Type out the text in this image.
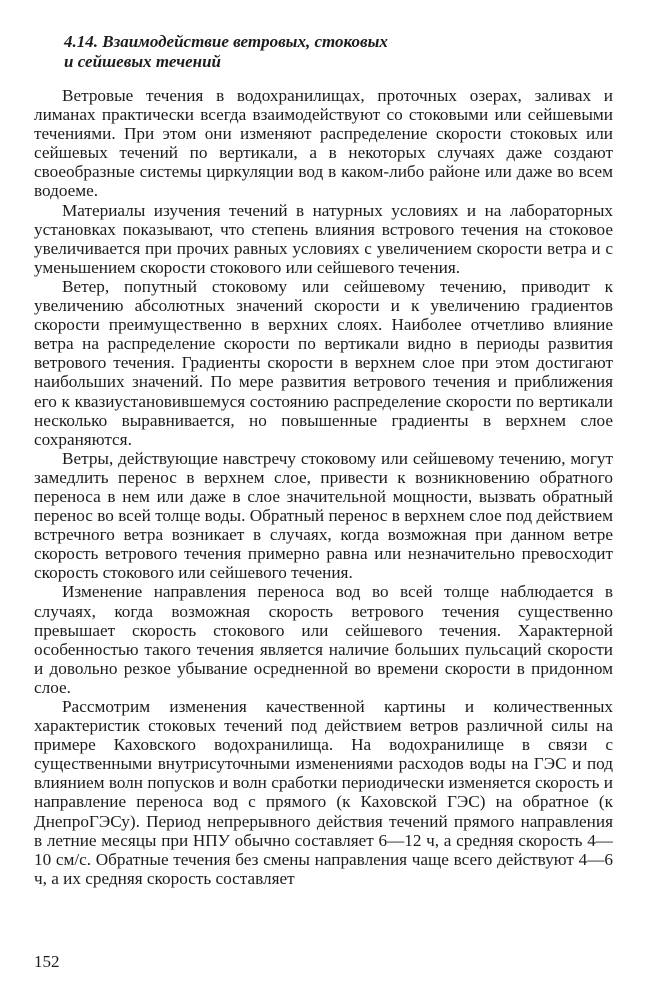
4.14. Взаимодействие ветровых, стоковых
и сейшевых течений

Ветровые течения в водохранилищах, проточных озерах, заливах и лиманах практически всегда взаимодействуют со стоковыми или сейшевыми течениями. При этом они изменяют распределение скорости стоковых или сейшевых течений по вертикали, а в некоторых случаях даже создают своеобразные системы циркуляции вод в каком-либо районе или даже во всем водоеме.

Материалы изучения течений в натурных условиях и на лабораторных установках показывают, что степень влияния встрового течения на стоковое увеличивается при прочих равных условиях с увеличением скорости ветра и с уменьшением скорости стокового или сейшевого течения.

Ветер, попутный стоковому или сейшевому течению, приводит к увеличению абсолютных значений скорости и к увеличению градиентов скорости преимущественно в верхних слоях. Наиболее отчетливо влияние ветра на распределение скорости по вертикали видно в периоды развития ветрового течения. Градиенты скорости в верхнем слое при этом достигают наибольших значений. По мере развития ветрового течения и приближения его к квазиустановившемуся состоянию распределение скорости по вертикали несколько выравнивается, но повышенные градиенты в верхнем слое сохраняются.

Ветры, действующие навстречу стоковому или сейшевому течению, могут замедлить перенос в верхнем слое, привести к возникновению обратного переноса в нем или даже в слое значительной мощности, вызвать обратный перенос во всей толще воды. Обратный перенос в верхнем слое под действием встречного ветра возникает в случаях, когда возможная при данном ветре скорость ветрового течения примерно равна или незначительно превосходит скорость стокового или сейшевого течения.

Изменение направления переноса вод во всей толще наблюдается в случаях, когда возможная скорость ветрового течения существенно превышает скорость стокового или сейшевого течения. Характерной особенностью такого течения является наличие больших пульсаций скорости и довольно резкое убывание осредненной во времени скорости в придонном слое.

Рассмотрим изменения качественной картины и количественных характеристик стоковых течений под действием ветров различной силы на примере Каховского водохранилища. На водохранилище в связи с существенными внутрисуточными изменениями расходов воды на ГЭС и под влиянием волн попусков и волн сработки периодически изменяется скорость и направление переноса вод с прямого (к Каховской ГЭС) на обратное (к ДнепроГЭСу). Период непрерывного действия течений прямого направления в летние месяцы при НПУ обычно составляет 6—12 ч, а средняя скорость 4—10 см/с. Обратные течения без смены направления чаще всего действуют 4—6 ч, а их средняя скорость составляет

152
